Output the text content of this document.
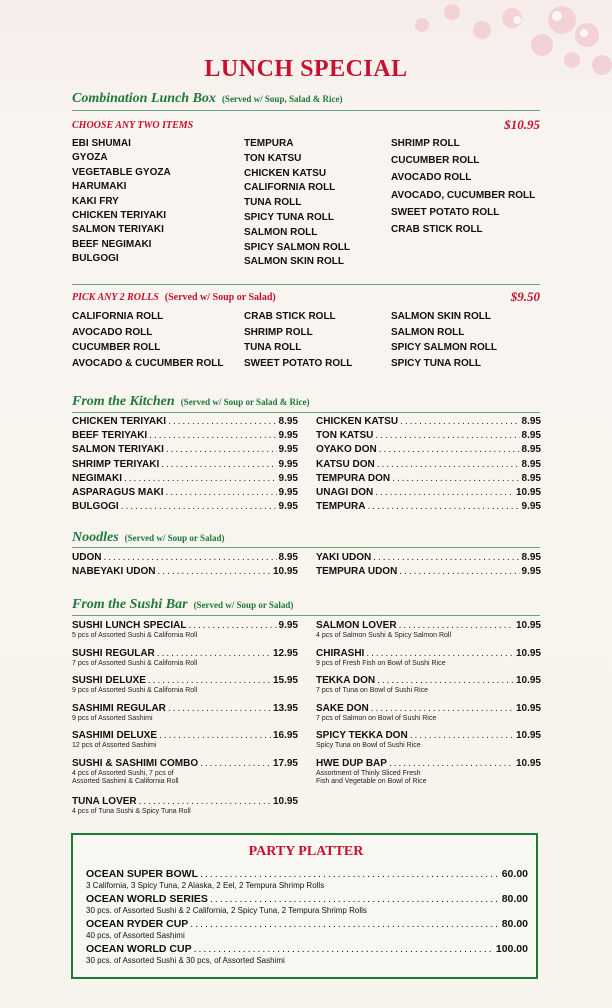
LUNCH SPECIAL
Combination Lunch Box (Served w/ Soup, Salad & Rice)
CHOOSE ANY TWO ITEMS	$10.95
EBI SHUMAI
GYOZA
VEGETABLE GYOZA
HARUMAKI
KAKI FRY
CHICKEN TERIYAKI
SALMON TERIYAKI
BEEF NEGIMAKI
BULGOGI
TEMPURA
TON KATSU
CHICKEN KATSU
CALIFORNIA ROLL
TUNA ROLL
SPICY TUNA ROLL
SALMON ROLL
SPICY SALMON ROLL
SALMON SKIN ROLL
SHRIMP ROLL
CUCUMBER ROLL
AVOCADO ROLL
AVOCADO, CUCUMBER ROLL
SWEET POTATO ROLL
CRAB STICK ROLL
PICK ANY 2 ROLLS (Served w/ Soup or Salad)	$9.50
CALIFORNIA ROLL
AVOCADO ROLL
CUCUMBER ROLL
AVOCADO & CUCUMBER ROLL
CRAB STICK ROLL
SHRIMP ROLL
TUNA ROLL
SWEET POTATO ROLL
SALMON SKIN ROLL
SALMON ROLL
SPICY SALMON ROLL
SPICY TUNA ROLL
From the Kitchen (Served w/ Soup or Salad & Rice)
CHICKEN TERIYAKI .....	8.95
BEEF TERIYAKI .....	9.95
SALMON TERIYAKI .....	9.95
SHRIMP TERIYAKI .....	9.95
NEGIMAKI .....	9.95
ASPARAGUS MAKI .....	9.95
BULGOGI .....	9.95
CHICKEN KATSU .....	8.95
TON KATSU .....	8.95
OYAKO DON .....	8.95
KATSU DON .....	8.95
TEMPURA DON .....	8.95
UNAGI DON .....	10.95
TEMPURA .....	9.95
Noodles (Served w/ Soup or Salad)
UDON .....	8.95
NABEYAKI UDON .....	10.95
YAKI UDON .....	8.95
TEMPURA UDON .....	9.95
From the Sushi Bar (Served w/ Soup or Salad)
SUSHI LUNCH SPECIAL .....	9.95
5 pcs of Assorted Sushi & California Roll
SUSHI REGULAR .....	12.95
7 pcs of Assorted Sushi & California Roll
SUSHI DELUXE .....	15.95
9 pcs of Assorted Sushi & California Roll
SASHIMI REGULAR .....	13.95
9 pcs of Assorted Sashimi
SASHIMI DELUXE .....	16.95
12 pcs of Assorted Sashimi
SUSHI & SASHIMI COMBO .....	17.95
4 pcs of Assorted Sushi, 7 pcs of
Assorted Sashimi & California Roll
TUNA LOVER .....	10.95
4 pcs of Tuna Sushi & Spicy Tuna Roll
SALMON LOVER .....	10.95
4 pcs of Salmon Sushi & Spicy Salmon Roll
CHIRASHI .....	10.95
9 pcs of Fresh Fish on Bowl of Sushi Rice
TEKKA DON .....	10.95
7 pcs of Tuna on Bowl of Sushi Rice
SAKE DON .....	10.95
7 pcs of Salmon on Bowl of Sushi Rice
SPICY TEKKA DON .....	10.95
Spicy Tuna on Bowl of Sushi Rice
HWE DUP BAP .....	10.95
Assortment of Thinly Sliced Fresh
Fish and Vegetable on Bowl of Rice
PARTY PLATTER
OCEAN SUPER BOWL .....	60.00
3 California, 3 Spicy Tuna, 2 Alaska, 2 Eel, 2 Tempura Shrimp Rolls
OCEAN WORLD SERIES .....	80.00
30 pcs. of Assorted Sushi & 2 California, 2 Spicy Tuna, 2 Tempura Shrimp Rolls
OCEAN RYDER CUP .....	80.00
40 pcs, of Assorted Sashimi
OCEAN WORLD CUP .....	100.00
30 pcs. of Assorted Sushi & 30 pcs, of Assorted Sashimi
